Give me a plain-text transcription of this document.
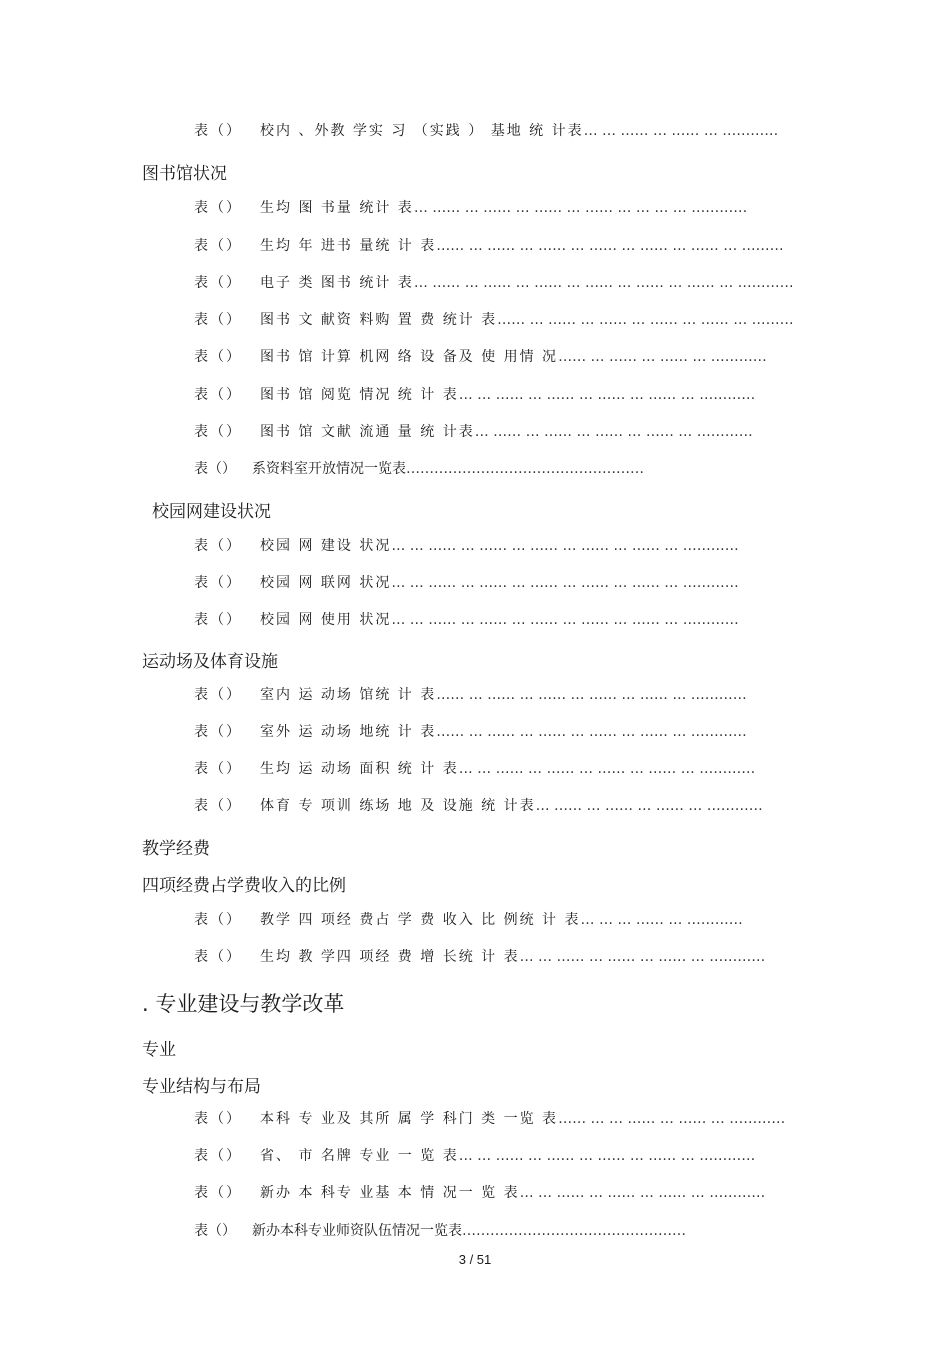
表（） 校内 、外教 学实 习 （实践 ） 基地 统 计表… … …… … …… … …………
图书馆状况
表（） 生均 图 书量 统计 表… …… … …… … …… … …… … … … … …………
表（） 生均 年 进书 量统 计 表…… … …… … …… … …… … …… … …… … ………
表（） 电子 类 图书 统计 表… …… … …… … …… … …… … …… … …… … …………
表（） 图书 文 献资 料购 置 费 统计 表…… … …… … …… … …… … …… … ………
表（） 图书 馆 计算 机网 络 设 备及 使 用情 况…… … …… … …… … …………
表（） 图书 馆 阅览 情况 统 计 表… … …… … …… … …… … …… … …………
表（） 图书 馆 文献 流通 量 统 计表… …… … …… … …… … …… … …………
表（） 系资料室开放情况一览表……………………………………………
校园网建设状况
表（） 校园 网 建设 状况… … …… … …… … …… … …… … …… … …………
表（） 校园 网 联网 状况… … …… … …… … …… … …… … …… … …………
表（） 校园 网 使用 状况… … …… … …… … …… … …… … …… … …………
运动场及体育设施
表（） 室内 运 动场 馆统 计 表…… … …… … …… … …… … …… … …………
表（） 室外 运 动场 地统 计 表…… … …… … …… … …… … …… … …………
表（） 生均 运 动场 面积 统 计 表… … …… … …… … …… … …… … …………
表（） 体育 专 项训 练场 地 及 设施 统 计表… …… … …… … …… … …………
教学经费
四项经费占学费收入的比例
表（） 教学 四 项经 费占 学 费 收入 比 例统 计 表… … … …… … …………
表（） 生均 教 学四 项经 费 增 长统 计 表… … …… … …… … …… … …………
. 专业建设与教学改革
专业
专业结构与布局
表（） 本科 专 业及 其所 属 学 科门 类 一览 表…… … … …… … …… … …………
表（） 省、 市 名牌 专业 一 览 表… … …… … …… … …… … …… … …………
表（） 新办 本 科专 业基 本 情 况一 览 表… … …… … …… … …… … …………
表（） 新办本科专业师资队伍情况一览表…………………………………………
3 / 51
